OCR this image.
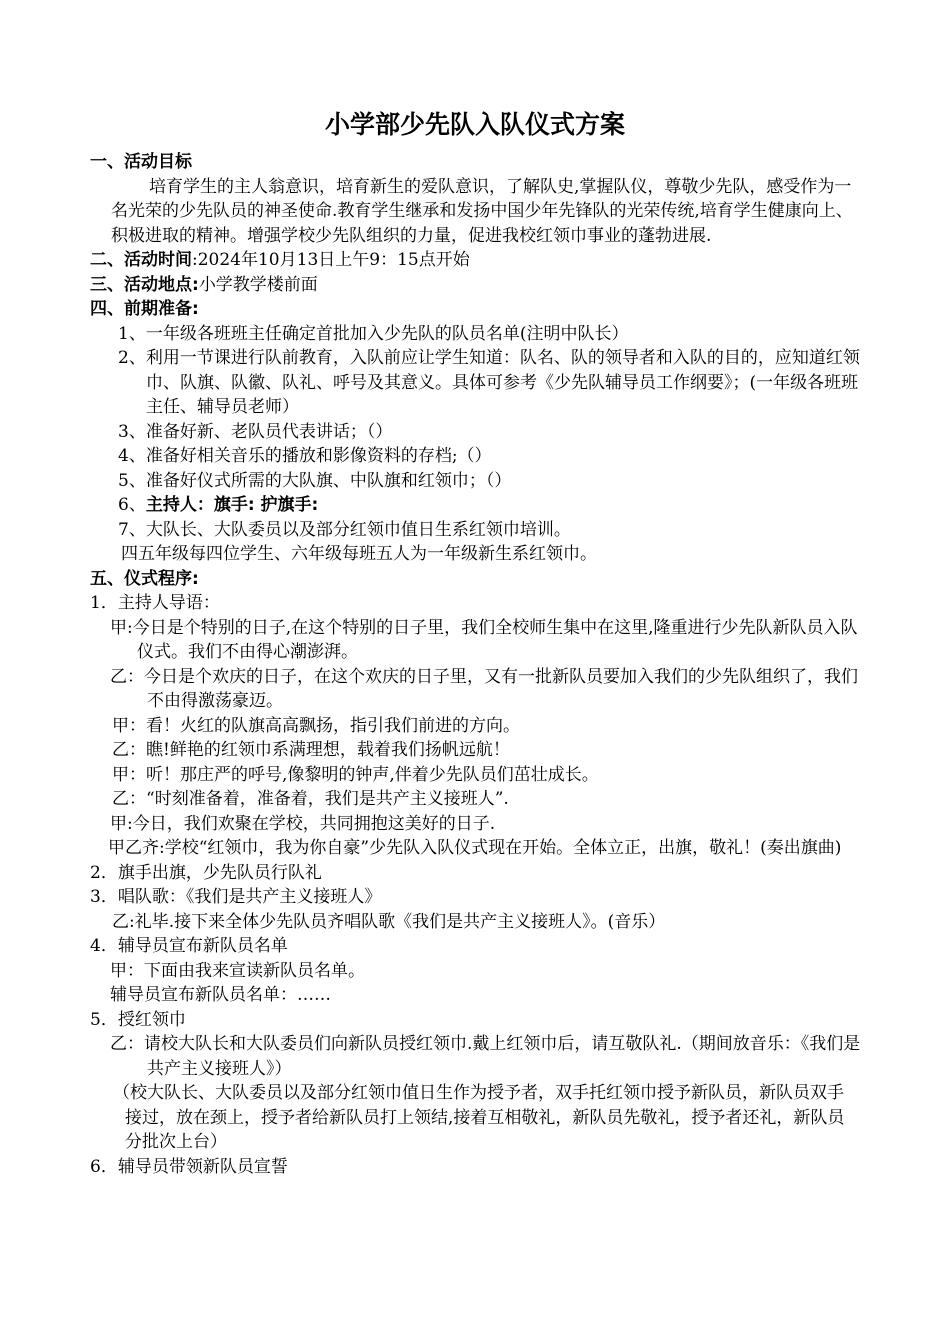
小学部少先队入队仪式方案

一、活动目标

培育学生的主人翁意识，培育新生的爱队意识，了解队史,掌握队仪，尊敬少先队，感受作为一名光荣的少先队员的神圣使命.教育学生继承和发扬中国少年先锋队的光荣传统,培育学生健康向上、积极进取的精神。增强学校少先队组织的力量，促进我校红领巾事业的蓬勃进展.

二、活动时间:2024年10月13日上午9：15点开始

三、活动地点:小学教学楼前面

四、前期准备:

1、一年级各班班主任确定首批加入少先队的队员名单(注明中队长）

2、利用一节课进行队前教育，入队前应让学生知道：队名、队的领导者和入队的目的，应知道红领巾、队旗、队徽、队礼、呼号及其意义。具体可参考《少先队辅导员工作纲要》；(一年级各班班主任、辅导员老师）

3、准备好新、老队员代表讲话；（）

4、准备好相关音乐的播放和影像资料的存档;（）

5、准备好仪式所需的大队旗、中队旗和红领巾；（）

6、主持人：旗手: 护旗手:

7、大队长、大队委员以及部分红领巾值日生系红领巾培训。

四五年级每四位学生、六年级每班五人为一年级新生系红领巾。

五、仪式程序:

1．主持人导语：

甲:今日是个特别的日子,在这个特别的日子里，我们全校师生集中在这里,隆重进行少先队新队员入队仪式。我们不由得心潮澎湃。

乙：今日是个欢庆的日子，在这个欢庆的日子里，又有一批新队员要加入我们的少先队组织了，我们不由得激荡豪迈。

甲：看！火红的队旗高高飘扬，指引我们前进的方向。

乙：瞧!鲜艳的红领巾系满理想，载着我们扬帆远航！

甲：听！那庄严的呼号,像黎明的钟声,伴着少先队员们茁壮成长。

乙：“时刻准备着，准备着，我们是共产主义接班人”.

甲:今日，我们欢聚在学校，共同拥抱这美好的日子.

甲乙齐:学校“红领巾，我为你自豪”少先队入队仪式现在开始。全体立正，出旗，敬礼！(奏出旗曲)

2．旗手出旗，少先队员行队礼

3．唱队歌：《我们是共产主义接班人》

乙:礼毕.接下来全体少先队员齐唱队歌《我们是共产主义接班人》。(音乐）

4．辅导员宣布新队员名单

甲：下面由我来宣读新队员名单。

辅导员宣布新队员名单：……

5．授红领巾

乙：请校大队长和大队委员们向新队员授红领巾.戴上红领巾后，请互敬队礼.（期间放音乐：《我们是共产主义接班人》）

（校大队长、大队委员以及部分红领巾值日生作为授予者，双手托红领巾授予新队员，新队员双手接过，放在颈上，授予者给新队员打上领结,接着互相敬礼，新队员先敬礼，授予者还礼，新队员分批次上台）

6．辅导员带领新队员宣誓
